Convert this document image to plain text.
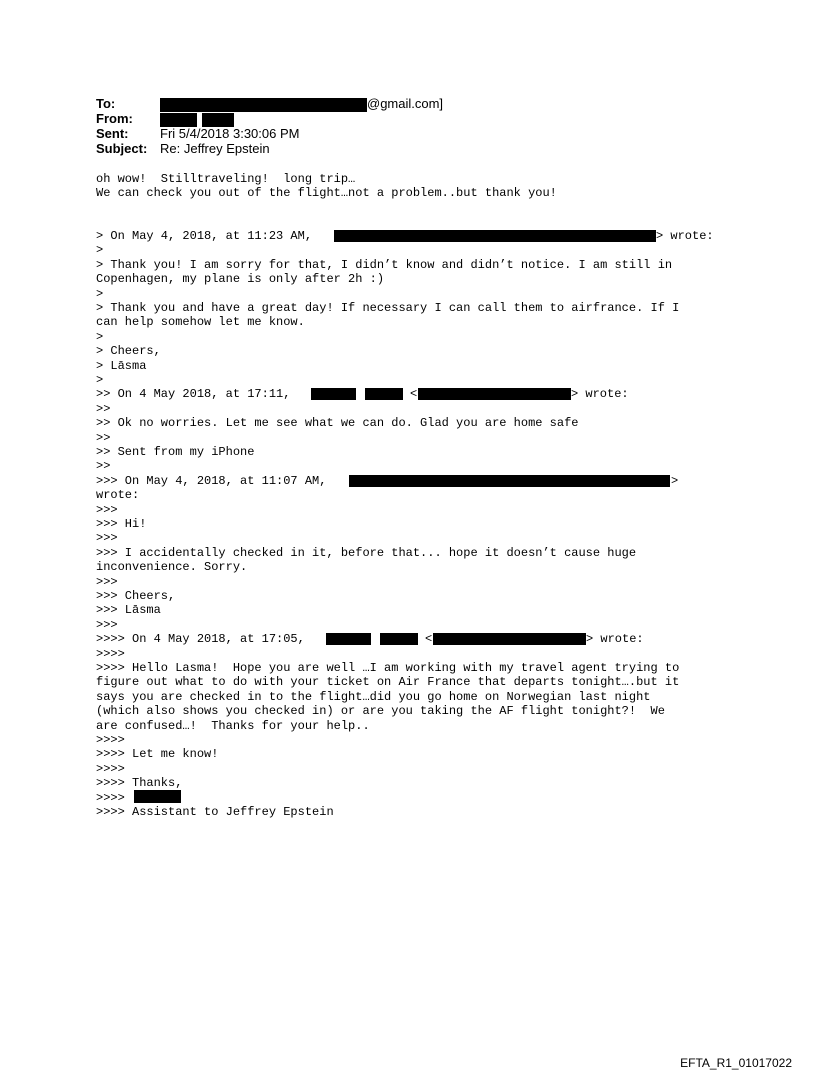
To:	@gmail.com]
From:
Sent: Fri 5/4/2018 3:30:06 PM
Subject: Re: Jeffrey Epstein
oh wow!  Stilltraveling!  long trip…
We can check you out of the flight…not a problem..but thank you!
> On May 4, 2018, at 11:23 AM,	> wrote:
>
> Thank you! I am sorry for that, I didn’t know and didn’t notice. I am still in
Copenhagen, my plane is only after 2h :)
>
> Thank you and have a great day! If necessary I can call them to airfrance. If I
can help somehow let me know.
>
> Cheers,
> Lāsma
>
>> On 4 May 2018, at 17:11,	<	> wrote:
>>
>> Ok no worries. Let me see what we can do. Glad you are home safe
>>
>> Sent from my iPhone
>>
>>> On May 4, 2018, at 11:07 AM,	>
wrote:
>>>
>>> Hi!
>>>
>>> I accidentally checked in it, before that... hope it doesn’t cause huge
inconvenience. Sorry.
>>>
>>> Cheers,
>>> Lāsma
>>>
>>>> On 4 May 2018, at 17:05,	<	> wrote:
>>>>
>>>> Hello Lasma!  Hope you are well …I am working with my travel agent trying to
figure out what to do with your ticket on Air France that departs tonight….but it
says you are checked in to the flight…did you go home on Norwegian last night
(which also shows you checked in) or are you taking the AF flight tonight?!  We
are confused…!  Thanks for your help..
>>>>
>>>> Let me know!
>>>>
>>>> Thanks,
>>>>
>>>> Assistant to Jeffrey Epstein
EFTA_R1_01017022
